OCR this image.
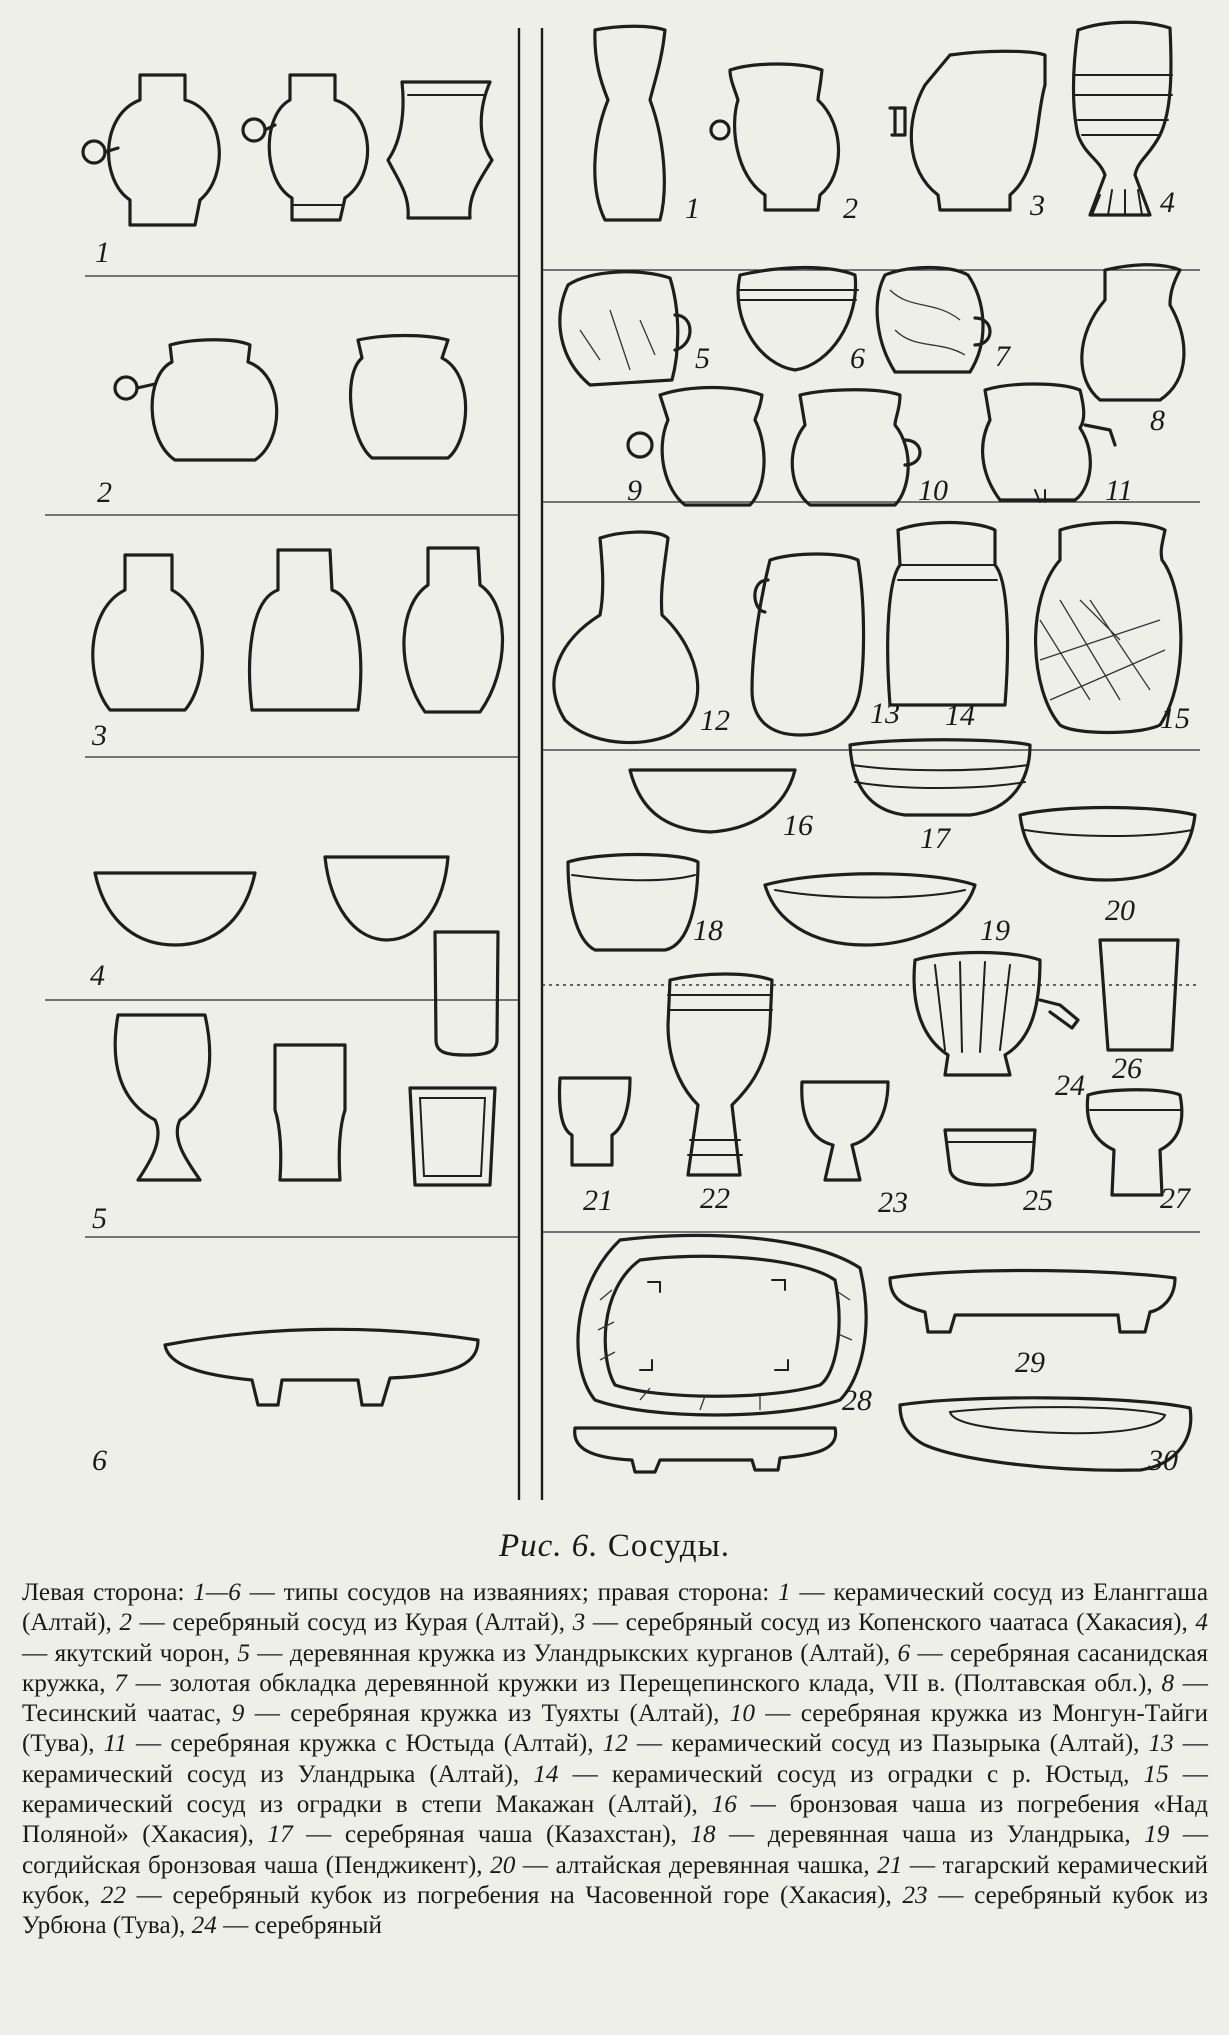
1
2
3
4
5
6
1	2	3	4
5	6	7
8
9	10	11
12	13 14	15
16	17
20
18	19
21	22	23
24
25
26
27
28
29
30
Рис. 6. Сосуды.
Левая сторона: 1—6 — типы сосудов на изваяниях; правая сторона: 1 — керамический сосуд из Еланггаша (Алтай), 2 — серебряный сосуд из Курая (Алтай), 3 — серебряный сосуд из Копенского чаатаса (Хакасия), 4 — якутский чорон, 5 — деревянная кружка из Уландрыкских курганов (Алтай), 6 — серебряная сасанидская кружка, 7 — золотая обкладка деревянной кружки из Перещепинского клада, VII в. (Полтавская обл.), 8 — Тесинский чаатас, 9 — серебряная кружка из Туяхты (Алтай), 10 — серебряная кружка из Монгун-Тайги (Тува), 11 — серебряная кружка с Юстыда (Алтай), 12 — керамический сосуд из Пазырыка (Алтай), 13 — керамический сосуд из Уландрыка (Алтай), 14 — керамический сосуд из оградки с р. Юстыд, 15 — керамический сосуд из оградки в степи Макажан (Алтай), 16 — бронзовая чаша из погребения «Над Поляной» (Хакасия), 17 — серебряная чаша (Казахстан), 18 — деревянная чаша из Уландрыка, 19 — согдийская бронзовая чаша (Пенджикент), 20 — алтайская деревянная чашка, 21 — тагарский керамический кубок, 22 — серебряный кубок из погребения на Часовенной горе (Хакасия), 23 — серебряный кубок из Урбюна (Тува), 24 — серебряный
